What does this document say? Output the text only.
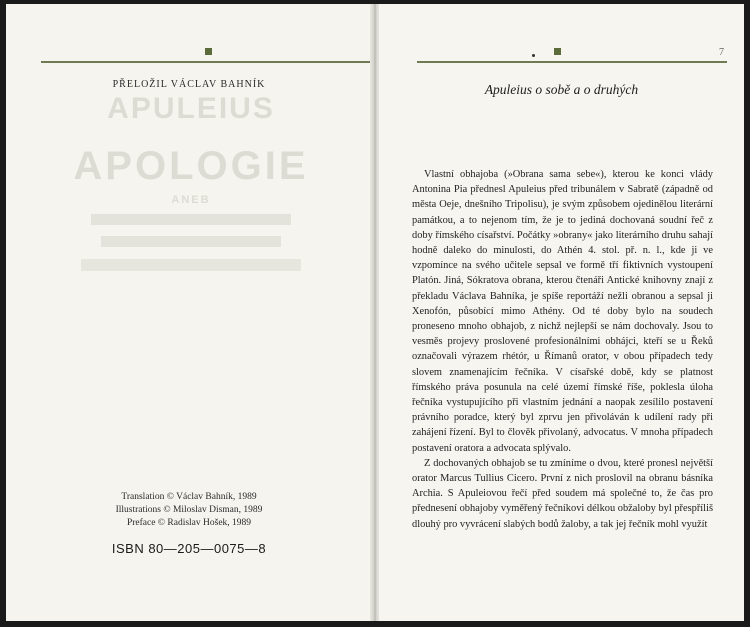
PŘELOŽIL VÁCLAV BAHNÍK
APULEIUS
APOLOGIE
ANEB
Translation © Václav Bahník, 1989
Illustrations © Miloslav Disman, 1989
Preface © Radislav Hošek, 1989
ISBN 80—205—0075—8
7
Apuleius o sobě a o druhých

Vlastní obhajoba (»Obrana sama sebe«), kterou ke konci vlády Antonina Pia přednesl Apuleius před tribunálem v Sabratě (západně od města Oeje, dnešního Tripolisu), je svým způsobem ojedinělou literární památkou, a to nejenom tím, že je to jediná dochovaná soudní řeč z doby římského císařství. Počátky »obrany« jako literárního druhu sahají hodně daleko do minulosti, do Athén 4. stol. př. n. l., kde ji ve vzpomínce na svého učitele sepsal ve formě tří fiktivních vystoupení Platón. Jiná, Sókratova obrana, kterou čtenáři Antické knihovny znají z překladu Václava Bahníka, je spíše reportáží nežli obranou a sepsal ji Xenofón, působící mimo Athény. Od té doby bylo na soudech proneseno mnoho obhajob, z nichž nejlepší se nám dochovaly. Jsou to vesměs projevy proslovené profesionálními obhájci, kteří se u Řeků označovali výrazem rhétór, u Římanů orator, v obou případech tedy slovem znamenajícím řečníka. V císařské době, kdy se platnost římského práva posunula na celé území římské říše, poklesla úloha řečníka vystupujícího při vlastním jednání a naopak zesílilo postavení právního poradce, který byl zprvu jen přivoláván k udílení rady při zahájení řízení. Byl to člověk přivolaný, advocatus. V mnoha případech postavení oratora a advocata splývalo.

Z dochovaných obhajob se tu zmíníme o dvou, které pronesl největší orator Marcus Tullius Cicero. První z nich proslovil na obranu básníka Archia. S Apuleiovou řečí před soudem má společné to, že čas pro přednesení obhajoby vyměřený řečníkovi délkou obžaloby byl přespříliš dlouhý pro vyvrácení slabých bodů žaloby, a tak jej řečník mohl využít
